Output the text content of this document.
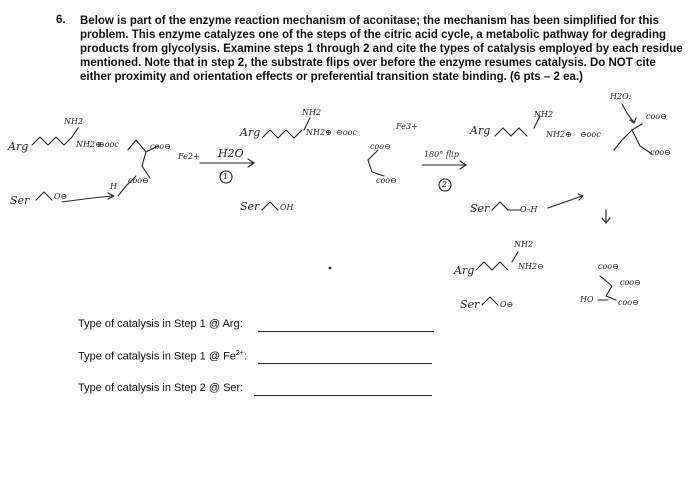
6. Below is part of the enzyme reaction mechanism of aconitase; the mechanism has been simplified for this
problem. This enzyme catalyzes one of the steps of the citric acid cycle, a metabolic pathway for degrading
products from glycolysis. Examine steps 1 through 2 and cite the types of catalysis employed by each residue
mentioned. Note that in step 2, the substrate flips over before the enzyme resumes catalysis. Do NOT cite
either proximity and orientation effects or preferential transition state binding. (6 pts – 2 ea.)

Arg
NH2
NH2⊕
⊖ooc	coo⊖
Fe2+
coo⊖
H
Ser	O⊖
H2O
1
Arg
NH2
NH2⊕ ⊖ooc
coo⊖
Fe3+
coo⊖
Ser	OH
180° flip
2
Arg
NH2
NH2⊕ ⊖ooc
H2O:
coo⊖
coo⊖
Ser	O–H
Arg
NH2
NH2⊖
Ser	O⊖
coo⊖
coo⊖
HO	coo⊖
Type of catalysis in Step 1 @ Arg:
Type of catalysis in Step 1 @ $Fe^{2+}$:
Type of catalysis in Step 2 @ Ser:
